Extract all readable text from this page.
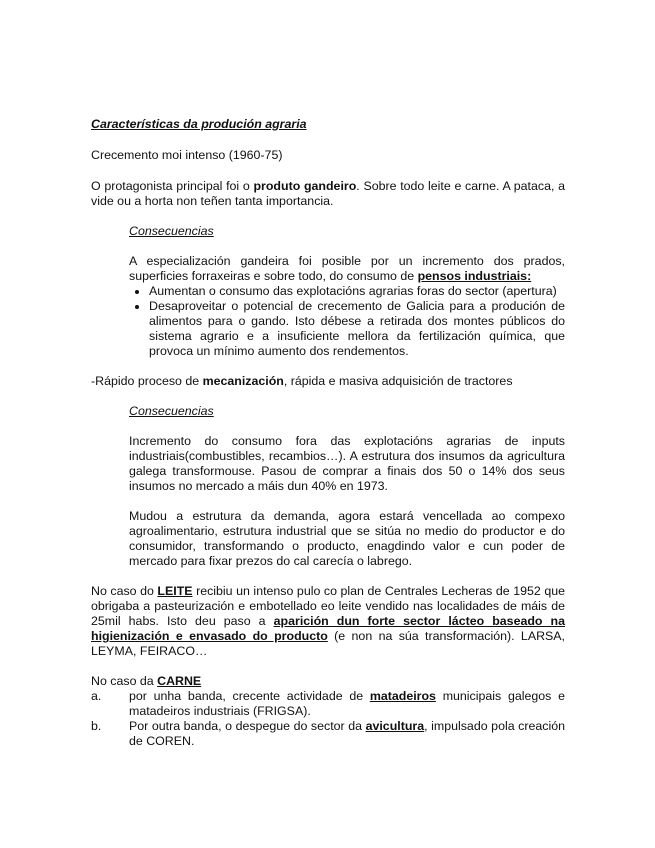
Características da produción agraria

Crecemento moi intenso (1960-75)

O protagonista principal foi o produto gandeiro. Sobre todo leite e carne. A pataca, a vide ou a horta non teñen tanta importancia.

Consecuencias

A especialización gandeira foi posible por un incremento dos prados, superficies forraxeiras e sobre todo, do consumo de pensos industriais:

• Aumentan o consumo das explotacións agrarias foras do sector (apertura)
• Desaproveitar o potencial de crecemento de Galicia para a produción de alimentos para o gando. Isto débese a retirada dos montes públicos do sistema agrario e a insuficiente mellora da fertilización química, que provoca un mínimo aumento dos rendementos.

-Rápido proceso de mecanización, rápida e masiva adquisición de tractores

Consecuencias

Incremento do consumo fora das explotacións agrarias de inputs industriais(combustibles, recambios…). A estrutura dos insumos da agricultura galega transformouse. Pasou de comprar a finais dos 50 o 14% dos seus insumos no mercado a máis dun 40% en 1973.

Mudou a estrutura da demanda, agora estará vencellada ao compexo agroalimentario, estrutura industrial que se sitúa no medio do productor e do consumidor, transformando o producto, enagdindo valor e cun poder de mercado para fixar prezos do cal carecía o labrego.

No caso do LEITE recibiu un intenso pulo co plan de Centrales Lecheras de 1952 que obrigaba a pasteurización e embotellado eo leite vendido nas localidades de máis de 25mil habs. Isto deu paso a aparición dun forte sector lácteo baseado na higienización e envasado do producto (e non na súa transformación). LARSA, LEYMA, FEIRACO…

No caso da CARNE

a.	por unha banda, crecente actividade de matadeiros municipais galegos e matadeiros industriais (FRIGSA).
b.	Por outra banda, o despegue do sector da avicultura, impulsado pola creación de COREN.
